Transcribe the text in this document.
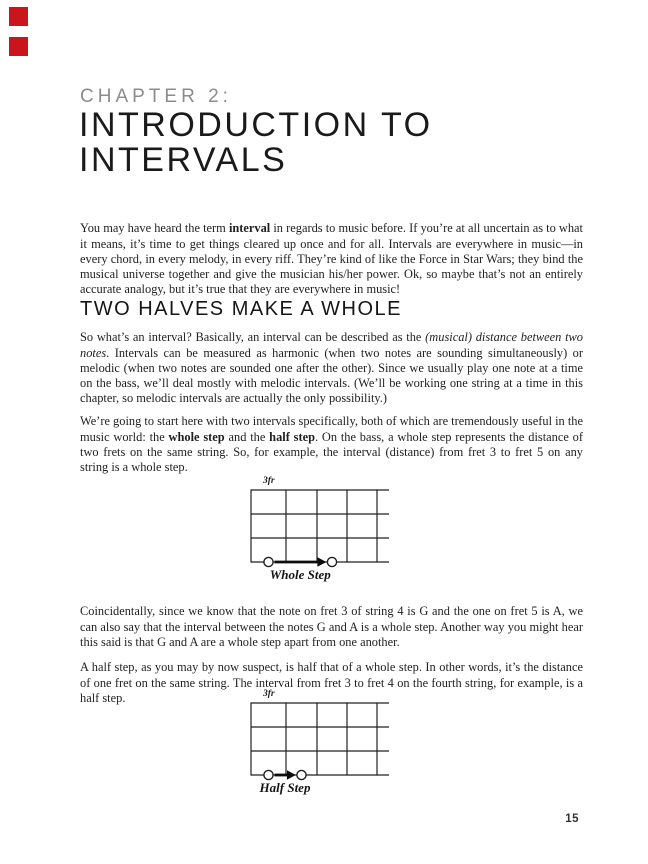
CHAPTER 2:
INTRODUCTION TO
INTERVALS

You may have heard the term interval in regards to music before. If you’re at all uncertain as to what it means, it’s time to get things cleared up once and for all. Intervals are everywhere in music—in every chord, in every melody, in every riff. They’re kind of like the Force in Star Wars; they bind the musical universe together and give the musician his/her power. Ok, so maybe that’s not an entirely accurate analogy, but it’s true that they are everywhere in music!

TWO HALVES MAKE A WHOLE

So what’s an interval? Basically, an interval can be described as the (musical) distance between two notes. Intervals can be measured as harmonic (when two notes are sounding simultaneously) or melodic (when two notes are sounded one after the other). Since we usually play one note at a time on the bass, we’ll deal mostly with melodic intervals. (We’ll be working one string at a time in this chapter, so melodic intervals are actually the only possibility.)

We’re going to start here with two intervals specifically, both of which are tremendously useful in the music world: the whole step and the half step. On the bass, a whole step represents the distance of two frets on the same string. So, for example, the interval (distance) from fret 3 to fret 5 on any string is a whole step.

3fr
Whole Step

Coincidentally, since we know that the note on fret 3 of string 4 is G and the one on fret 5 is A, we can also say that the interval between the notes G and A is a whole step. Another way you might hear this said is that G and A are a whole step apart from one another.

A half step, as you may by now suspect, is half that of a whole step. In other words, it’s the distance of one fret on the same string. The interval from fret 3 to fret 4 on the fourth string, for example, is a half step.	3fr
Half Step
15
